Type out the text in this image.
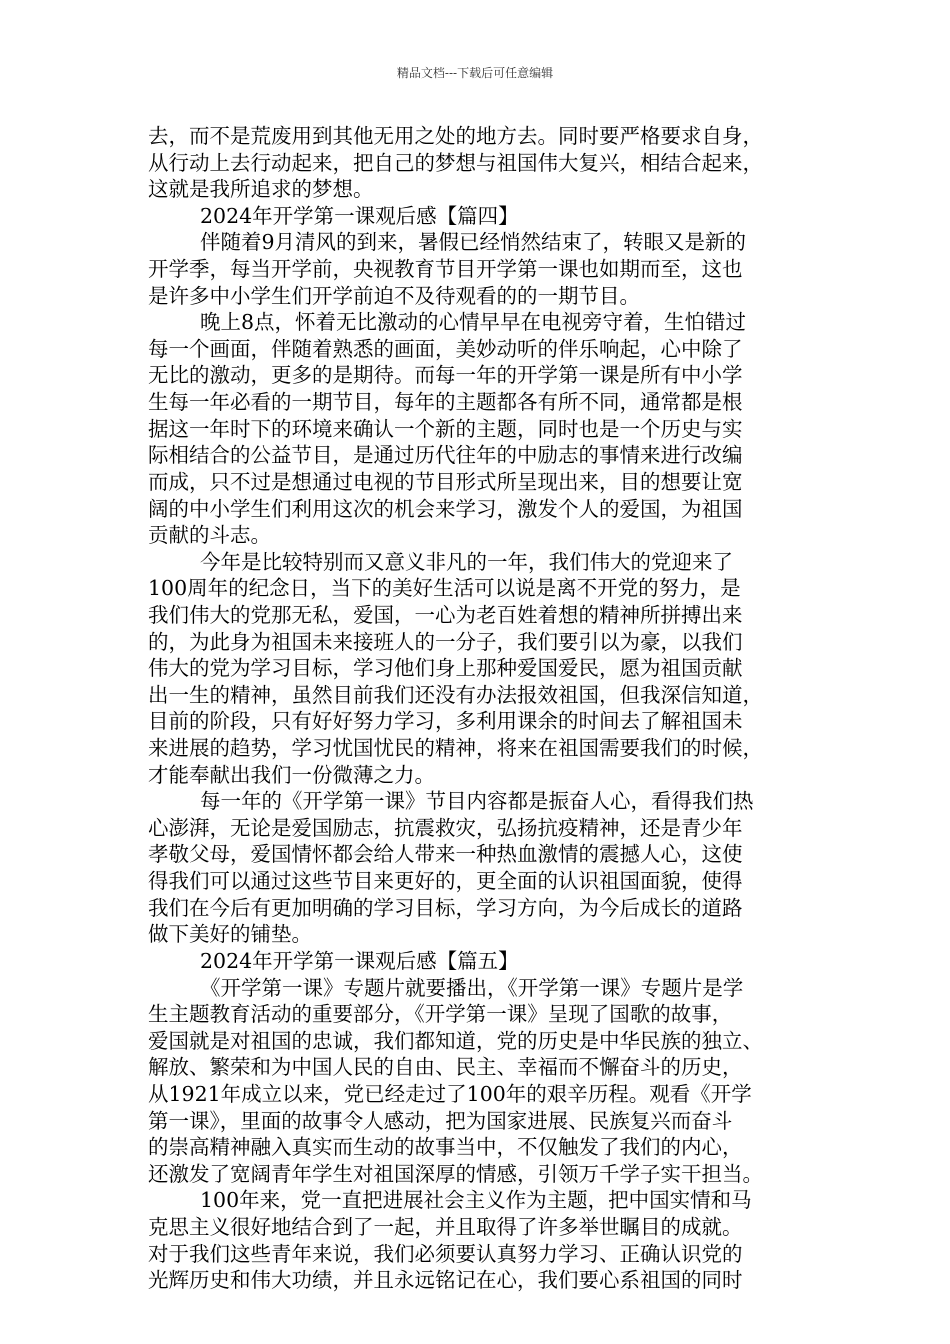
精品文档---下载后可任意编辑
去，而不是荒废用到其他无用之处的地方去。同时要严格要求自身，
从行动上去行动起来，把自己的梦想与祖国伟大复兴，相结合起来，
这就是我所追求的梦想。
2024年开学第一课观后感【篇四】
伴随着9月清风的到来，暑假已经悄然结束了，转眼又是新的
开学季，每当开学前，央视教育节目开学第一课也如期而至，这也
是许多中小学生们开学前迫不及待观看的的一期节目。
晚上8点，怀着无比激动的心情早早在电视旁守着，生怕错过
每一个画面，伴随着熟悉的画面，美妙动听的伴乐响起，心中除了
无比的激动，更多的是期待。而每一年的开学第一课是所有中小学
生每一年必看的一期节目，每年的主题都各有所不同，通常都是根
据这一年时下的环境来确认一个新的主题，同时也是一个历史与实
际相结合的公益节目，是通过历代往年的中励志的事情来进行改编
而成，只不过是想通过电视的节目形式所呈现出来，目的想要让宽
阔的中小学生们利用这次的机会来学习，激发个人的爱国，为祖国
贡献的斗志。
今年是比较特别而又意义非凡的一年，我们伟大的党迎来了
100周年的纪念日，当下的美好生活可以说是离不开党的努力，是
我们伟大的党那无私，爱国，一心为老百姓着想的精神所拼搏出来
的，为此身为祖国未来接班人的一分子，我们要引以为豪，以我们
伟大的党为学习目标，学习他们身上那种爱国爱民，愿为祖国贡献
出一生的精神，虽然目前我们还没有办法报效祖国，但我深信知道，
目前的阶段，只有好好努力学习，多利用课余的时间去了解祖国未
来进展的趋势，学习忧国忧民的精神，将来在祖国需要我们的时候，
才能奉献出我们一份微薄之力。
每一年的《开学第一课》节目内容都是振奋人心，看得我们热
心澎湃，无论是爱国励志，抗震救灾，弘扬抗疫精神，还是青少年
孝敬父母，爱国情怀都会给人带来一种热血激情的震撼人心，这使
得我们可以通过这些节目来更好的，更全面的认识祖国面貌，使得
我们在今后有更加明确的学习目标，学习方向，为今后成长的道路
做下美好的铺垫。
2024年开学第一课观后感【篇五】
《开学第一课》专题片就要播出，《开学第一课》专题片是学
生主题教育活动的重要部分，《开学第一课》呈现了国歌的故事，
爱国就是对祖国的忠诚，我们都知道，党的历史是中华民族的独立、
解放、繁荣和为中国人民的自由、民主、幸福而不懈奋斗的历史，
从1921年成立以来，党已经走过了100年的艰辛历程。观看《开学
第一课》，里面的故事令人感动，把为国家进展、民族复兴而奋斗
的崇高精神融入真实而生动的故事当中，不仅触发了我们的内心，
还激发了宽阔青年学生对祖国深厚的情感，引领万千学子实干担当。
100年来，党一直把进展社会主义作为主题，把中国实情和马
克思主义很好地结合到了一起，并且取得了许多举世瞩目的成就。
对于我们这些青年来说，我们必须要认真努力学习、正确认识党的
光辉历史和伟大功绩，并且永远铭记在心，我们要心系祖国的同时
